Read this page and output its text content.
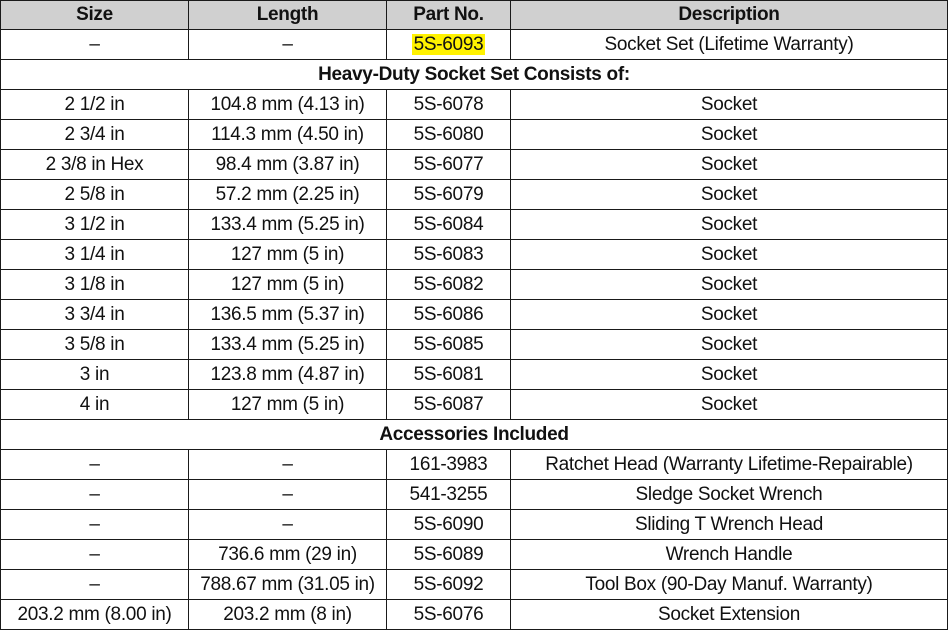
Size	Length	Part No.	Description
–	–	5S-6093	Socket Set (Lifetime Warranty)
Heavy-Duty Socket Set Consists of:			
2 1/2 in	104.8 mm (4.13 in)	5S-6078	Socket
2 3/4 in	114.3 mm (4.50 in)	5S-6080	Socket
2 3/8 in Hex	98.4 mm (3.87 in)	5S-6077	Socket
2 5/8 in	57.2 mm (2.25 in)	5S-6079	Socket
3 1/2 in	133.4 mm (5.25 in)	5S-6084	Socket
3 1/4 in	127 mm (5 in)	5S-6083	Socket
3 1/8 in	127 mm (5 in)	5S-6082	Socket
3 3/4 in	136.5 mm (5.37 in)	5S-6086	Socket
3 5/8 in	133.4 mm (5.25 in)	5S-6085	Socket
3 in	123.8 mm (4.87 in)	5S-6081	Socket
4 in	127 mm (5 in)	5S-6087	Socket
Accessories Included			
–	–	161-3983	Ratchet Head (Warranty Lifetime-Repairable)
–	–	541-3255	Sledge Socket Wrench
–	–	5S-6090	Sliding T Wrench Head
–	736.6 mm (29 in)	5S-6089	Wrench Handle
–	788.67 mm (31.05 in)	5S-6092	Tool Box (90-Day Manuf. Warranty)
203.2 mm (8.00 in)	203.2 mm (8 in)	5S-6076	Socket Extension
